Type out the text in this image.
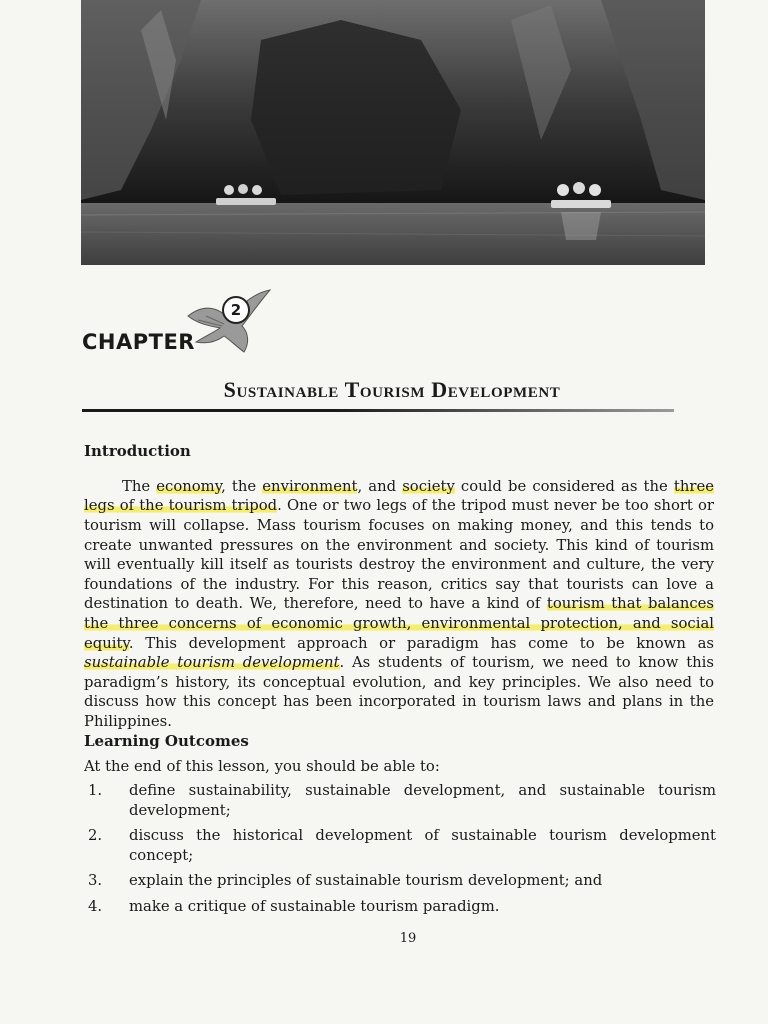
2
CHAPTER
Sustainable Tourism Development
Introduction

The economy, the environment, and society could be considered as the three legs of the tourism tripod. One or two legs of the tripod must never be too short or tourism will collapse. Mass tourism focuses on making money, and this tends to create unwanted pressures on the environment and society. This kind of tourism will eventually kill itself as tourists destroy the environment and culture, the very foundations of the industry. For this reason, critics say that tourists can love a destination to death. We, therefore, need to have a kind of tourism that balances the three concerns of economic growth, environmental protection, and social equity. This development approach or paradigm has come to be known as sustainable tourism development. As students of tourism, we need to know this paradigm’s history, its conceptual evolution, and key principles. We also need to discuss how this concept has been incorporated in tourism laws and plans in the Philippines.

Learning Outcomes
At the end of this lesson, you should be able to:
1. define sustainability, sustainable development, and sustainable tourism development;
2. discuss the historical development of sustainable tourism development concept;
3. explain the principles of sustainable tourism development; and
4. make a critique of sustainable tourism paradigm.
19
